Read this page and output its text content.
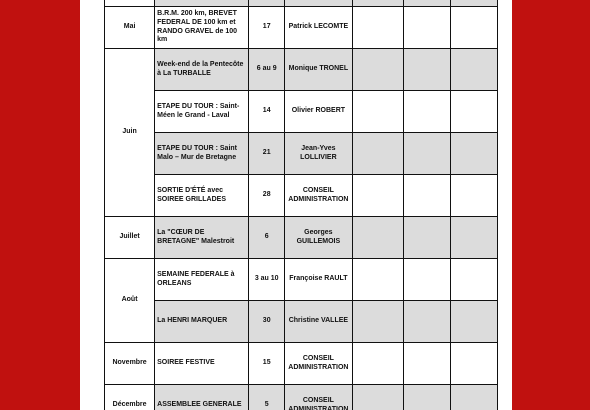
Mai	B.R.M. 200 km, BREVET FEDERAL DE 100 km et RANDO GRAVEL de 100 km	17	Patrick LECOMTE			
Juin	Week-end de la Pentecôte à La TURBALLE	6 au 9	Monique TRONEL			
	ETAPE DU TOUR : Saint-Méen le Grand - Laval	14	Olivier ROBERT			
	ETAPE DU TOUR : Saint Malo – Mur de Bretagne	21	Jean-Yves LOLLIVIER			
	SORTIE D'ÉTÉ avec SOIREE GRILLADES	28	CONSEIL ADMINISTRATION			
Juillet	La "CŒUR DE BRETAGNE" Malestroit	6	Georges GUILLEMOIS			
Août	SEMAINE FEDERALE à ORLEANS	3 au 10	Françoise RAULT			
	La HENRI MARQUER	30	Christine VALLEE			
Novembre	SOIREE FESTIVE	15	CONSEIL ADMINISTRATION			
Décembre	ASSEMBLEE GENERALE	5	CONSEIL ADMINISTRATION			
